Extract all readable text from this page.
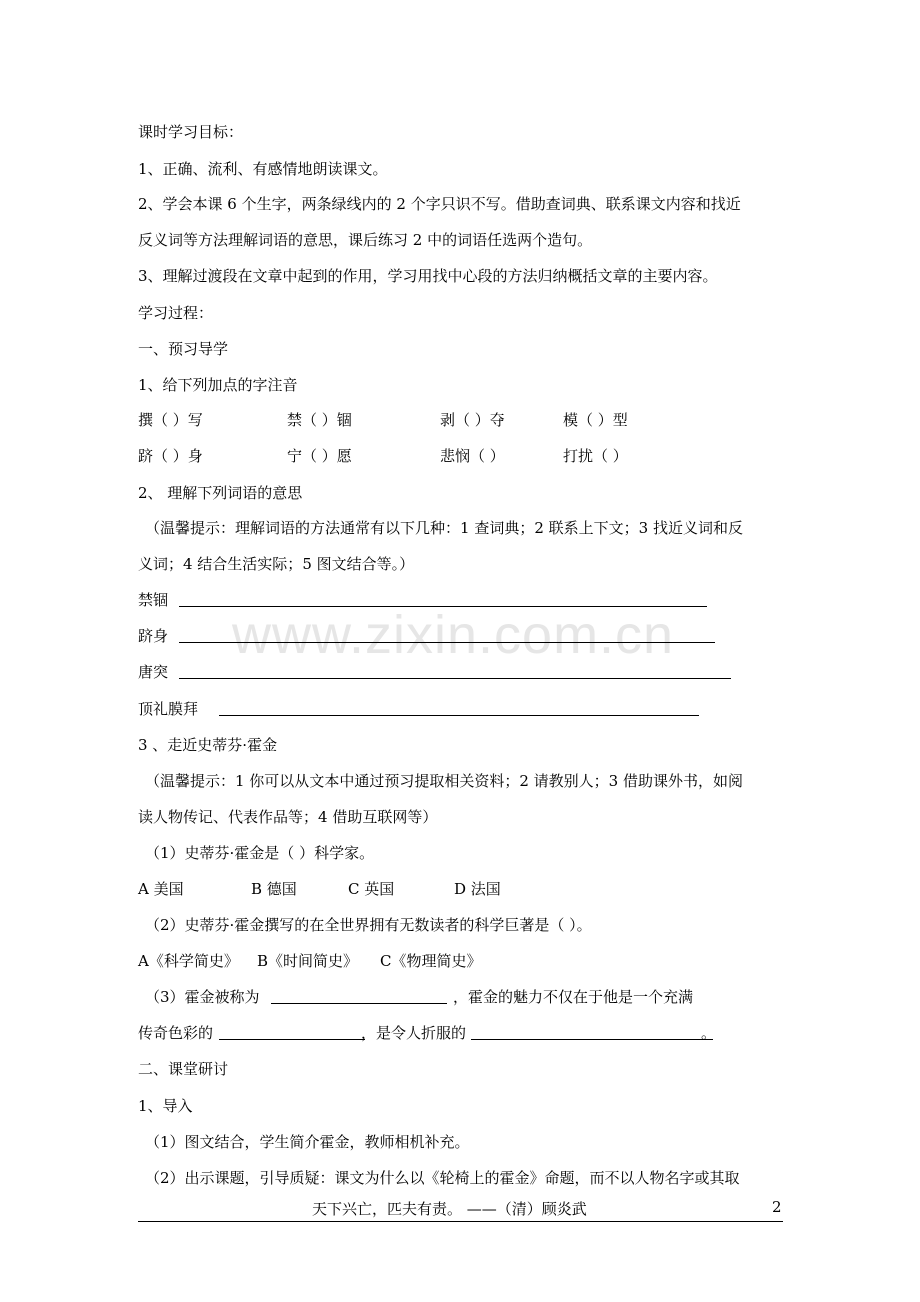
www.zixin.com.cn
课时学习目标：
1、正确、流利、有感情地朗读课文。
2、学会本课 6 个生字，两条绿线内的 2 个字只识不写。借助查词典、联系课文内容和找近
反义词等方法理解词语的意思，课后练习 2 中的词语任选两个造句。
3、理解过渡段在文章中起到的作用，学习用找中心段的方法归纳概括文章的主要内容。
学习过程：
一、预习导学
1、给下列加点的字注音
撰（ ）写	禁（ ）锢	剥（ ）夺	模（ ）型
跻（ ）身	宁（ ）愿	悲悯（ ）	打扰（ ）
2、 理解下列词语的意思
（温馨提示：理解词语的方法通常有以下几种：1 查词典；2 联系上下文；3 找近义词和反
义词；4 结合生活实际；5 图文结合等。）
禁锢
跻身
唐突
顶礼膜拜
3 、走近史蒂芬·霍金
（温馨提示：1 你可以从文本中通过预习提取相关资料；2 请教别人；3 借助课外书，如阅
读人物传记、代表作品等；4 借助互联网等）
（1）史蒂芬·霍金是（ ）科学家。
A 美国	B 德国	C 英国	D 法国
（2）史蒂芬·霍金撰写的在全世界拥有无数读者的科学巨著是（ ）。
A《科学简史》 B《时间简史》 C《物理简史》
（3）霍金被称为	，霍金的魅力不仅在于他是一个充满
传奇色彩的	，是令人折服的	。
二、课堂研讨
1、导入
（1）图文结合，学生简介霍金，教师相机补充。
（2）出示课题，引导质疑：课文为什么以《轮椅上的霍金》命题，而不以人物名字或其取
天下兴亡，匹夫有责。 ——（清）顾炎武	2
